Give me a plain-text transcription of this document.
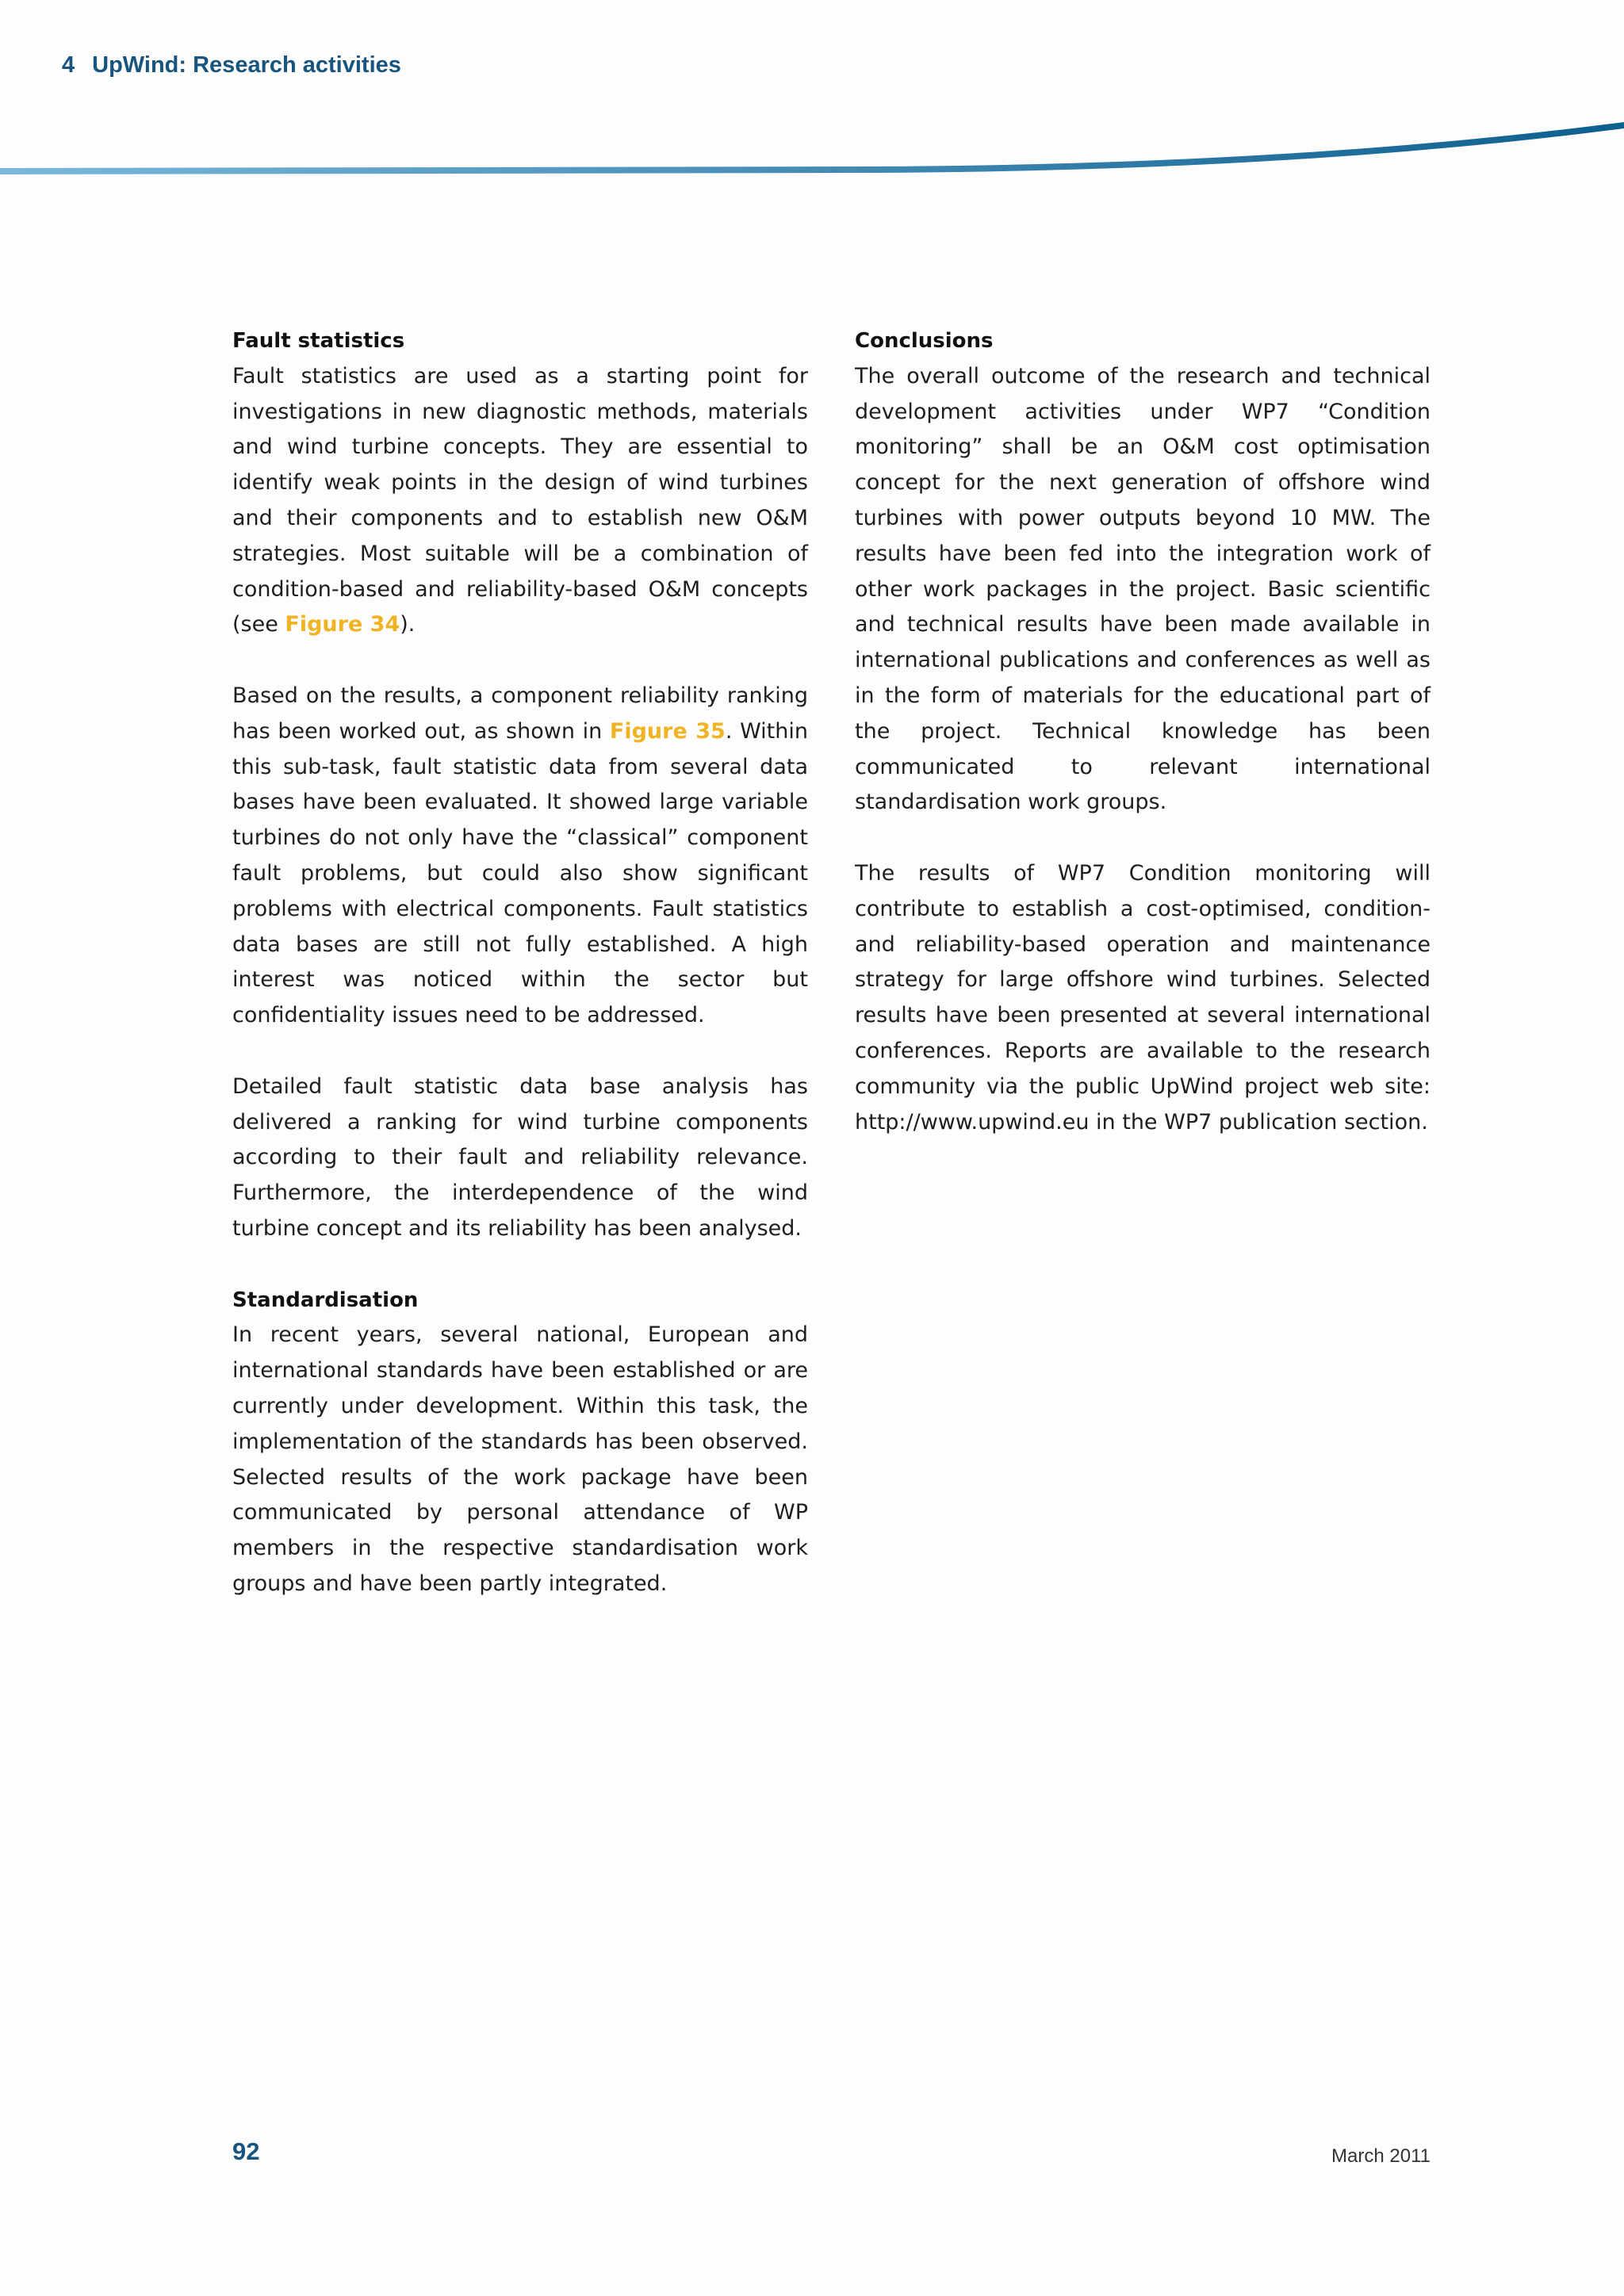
4 UpWind: Research activities
Fault statistics

Fault statistics are used as a starting point for investigations in new diagnostic methods, materials and wind turbine concepts. They are essential to identify weak points in the design of wind turbines and their components and to establish new O&M strategies. Most suitable will be a combination of condition-based and reliability-based O&M concepts (see Figure 34).

Based on the results, a component reliability ranking has been worked out, as shown in Figure 35. Within this sub-task, fault statistic data from several data bases have been evaluated. It showed large variable turbines do not only have the “classical” component fault problems, but could also show significant problems with electrical components. Fault statistics data bases are still not fully established. A high interest was noticed within the sector but confidentiality issues need to be addressed.

Detailed fault statistic data base analysis has delivered a ranking for wind turbine components according to their fault and reliability relevance. Furthermore, the interdependence of the wind turbine concept and its reliability has been analysed.

Standardisation

In recent years, several national, European and international standards have been established or are currently under development. Within this task, the implementation of the standards has been observed. Selected results of the work package have been communicated by personal attendance of WP members in the respective standardisation work groups and have been partly integrated.

Conclusions

The overall outcome of the research and technical development activities under WP7 “Condition monitoring” shall be an O&M cost optimisation concept for the next generation of offshore wind turbines with power outputs beyond 10 MW. The results have been fed into the integration work of other work packages in the project. Basic scientific and technical results have been made available in international publications and conferences as well as in the form of materials for the educational part of the project. Technical knowledge has been communicated to relevant international standardisation work groups.

The results of WP7 Condition monitoring will contribute to establish a cost-optimised, condition- and reliability-based operation and maintenance strategy for large offshore wind turbines. Selected results have been presented at several international conferences. Reports are available to the research community via the public UpWind project web site: http://www.upwind.eu in the WP7 publication section.

92	March 2011
